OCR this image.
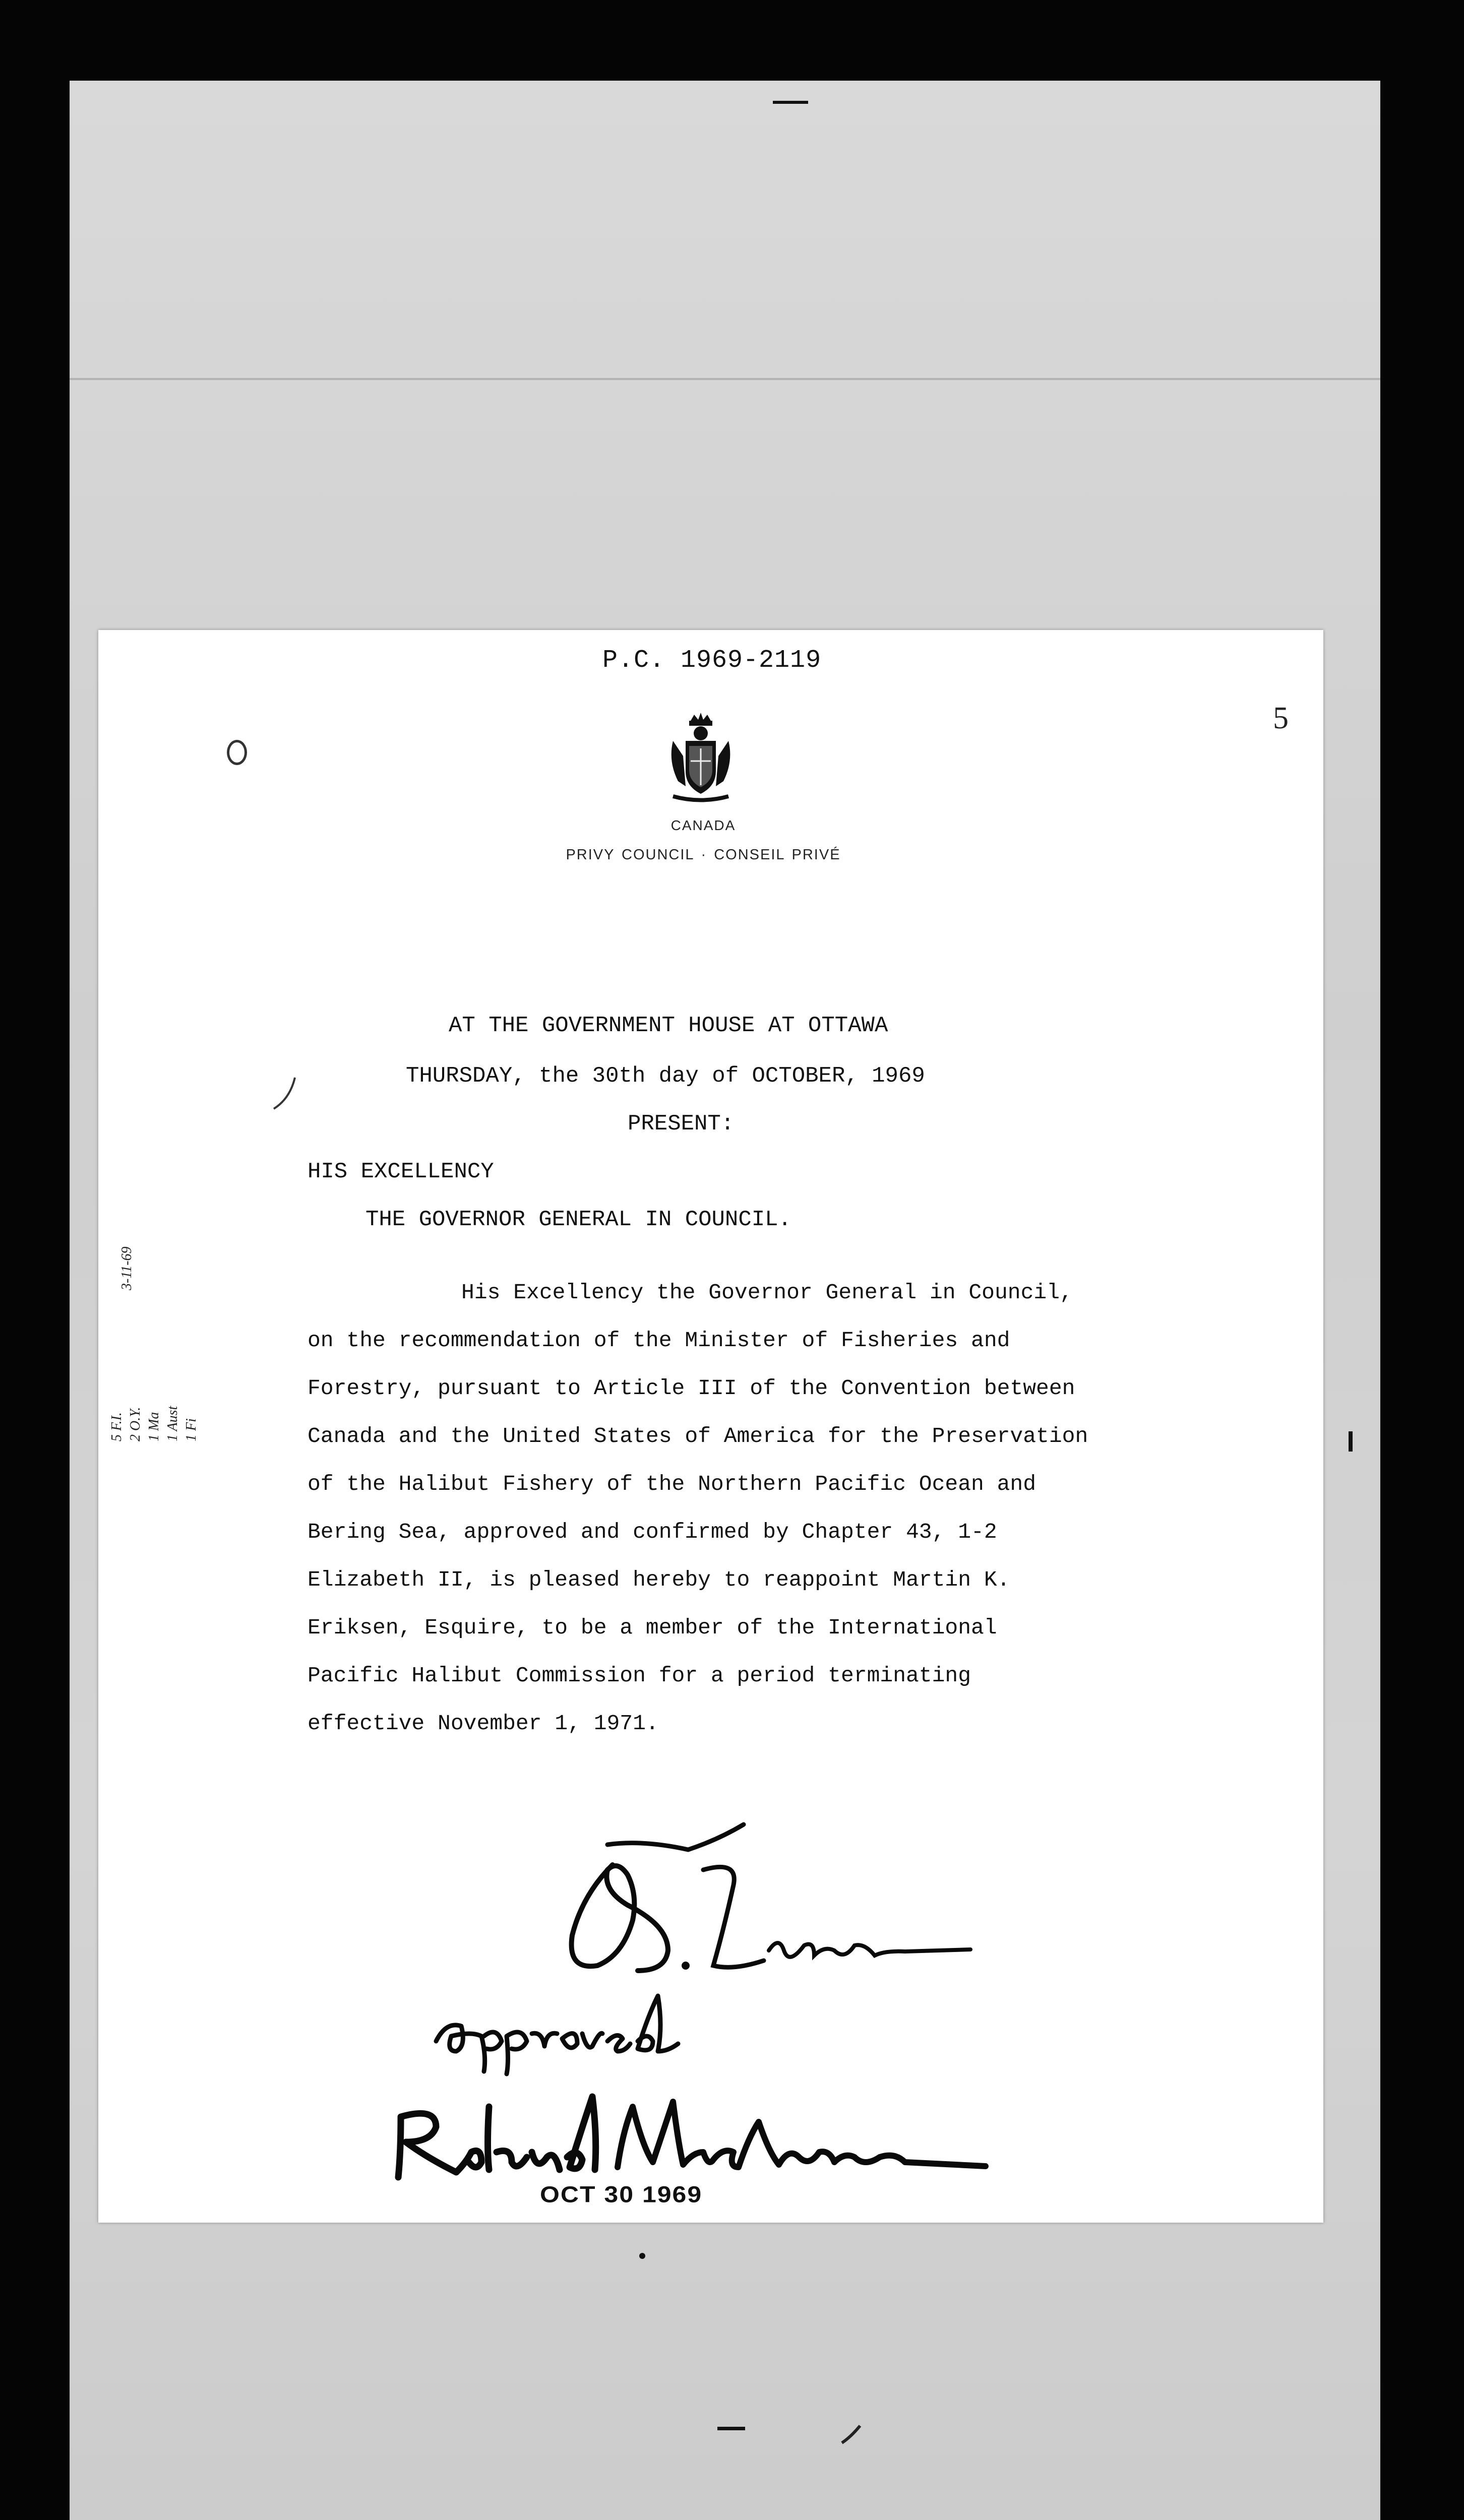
P.C. 1969-2119
5
CANADA
PRIVY COUNCIL · CONSEIL PRIVÉ
AT THE GOVERNMENT HOUSE AT OTTAWA
THURSDAY, the 30th day of OCTOBER, 1969
PRESENT:
HIS EXCELLENCY
THE GOVERNOR GENERAL IN COUNCIL.
His Excellency the Governor General in Council,
on the recommendation of the Minister of Fisheries and
Forestry, pursuant to Article III of the Convention between
Canada and the United States of America for the Preservation
of the Halibut Fishery of the Northern Pacific Ocean and
Bering Sea, approved and confirmed by Chapter 43, 1-2
Elizabeth II, is pleased hereby to reappoint Martin K.
Eriksen, Esquire, to be a member of the International
Pacific Halibut Commission for a period terminating
effective November 1, 1971.
3-11-69
5 F.I. 2 O.Y. 1 Ma 1 Aust 1 Fi
OCT 30 1969
